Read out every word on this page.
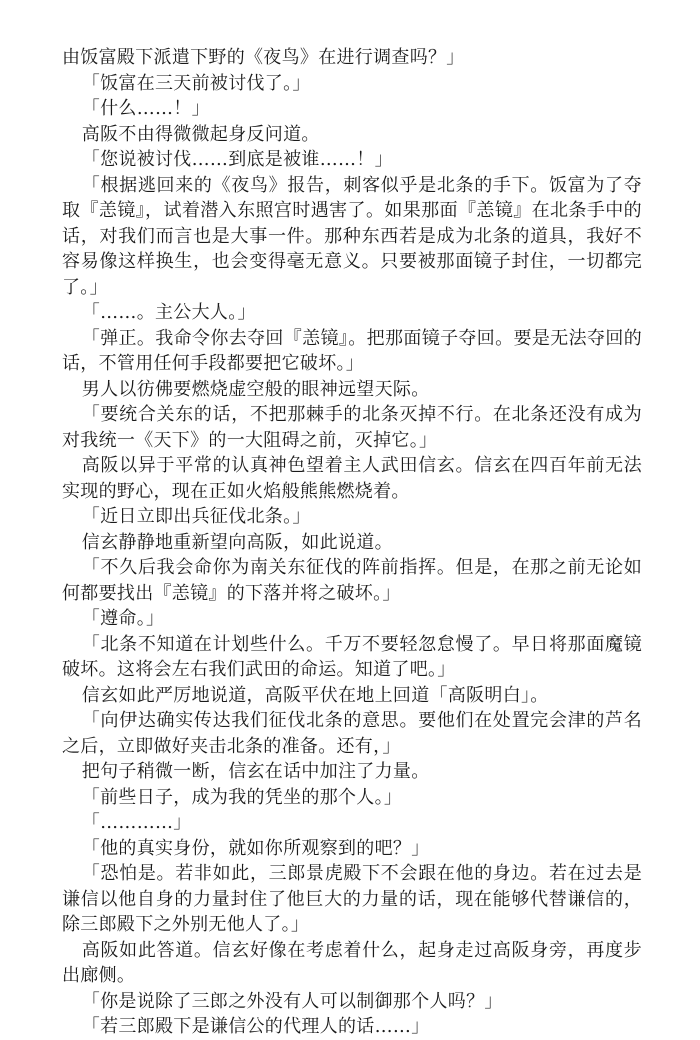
由饭富殿下派遣下野的《夜鸟》在进行调查吗？」

「饭富在三天前被讨伐了。」

「什么……！」

高阪不由得微微起身反问道。

「您说被讨伐……到底是被谁……！」

「根据逃回来的《夜鸟》报告，刺客似乎是北条的手下。饭富为了夺取『恙镜』，试着潜入东照宫时遇害了。如果那面『恙镜』在北条手中的话，对我们而言也是大事一件。那种东西若是成为北条的道具，我好不容易像这样换生，也会变得毫无意义。只要被那面镜子封住，一切都完了。」

「……。主公大人。」

「弹正。我命令你去夺回『恙镜』。把那面镜子夺回。要是无法夺回的话，不管用任何手段都要把它破坏。」

男人以彷佛要燃烧虚空般的眼神远望天际。

「要统合关东的话，不把那棘手的北条灭掉不行。在北条还没有成为对我统一《天下》的一大阻碍之前，灭掉它。」

高阪以异于平常的认真神色望着主人武田信玄。信玄在四百年前无法实现的野心，现在正如火焰般熊熊燃烧着。

「近日立即出兵征伐北条。」

信玄静静地重新望向高阪，如此说道。

「不久后我会命你为南关东征伐的阵前指挥。但是，在那之前无论如何都要找出『恙镜』的下落并将之破坏。」

「遵命。」

「北条不知道在计划些什么。千万不要轻忽怠慢了。早日将那面魔镜破坏。这将会左右我们武田的命运。知道了吧。」

信玄如此严厉地说道，高阪平伏在地上回道「高阪明白」。

「向伊达确实传达我们征伐北条的意思。要他们在处置完会津的芦名之后，立即做好夹击北条的准备。还有，」

把句子稍微一断，信玄在话中加注了力量。

「前些日子，成为我的凭坐的那个人。」

「…………」

「他的真实身份，就如你所观察到的吧？」

「恐怕是。若非如此，三郎景虎殿下不会跟在他的身边。若在过去是谦信以他自身的力量封住了他巨大的力量的话，现在能够代替谦信的，除三郎殿下之外别无他人了。」

高阪如此答道。信玄好像在考虑着什么，起身走过高阪身旁，再度步出廊侧。

「你是说除了三郎之外没有人可以制御那个人吗？」

「若三郎殿下是谦信公的代理人的话……」
